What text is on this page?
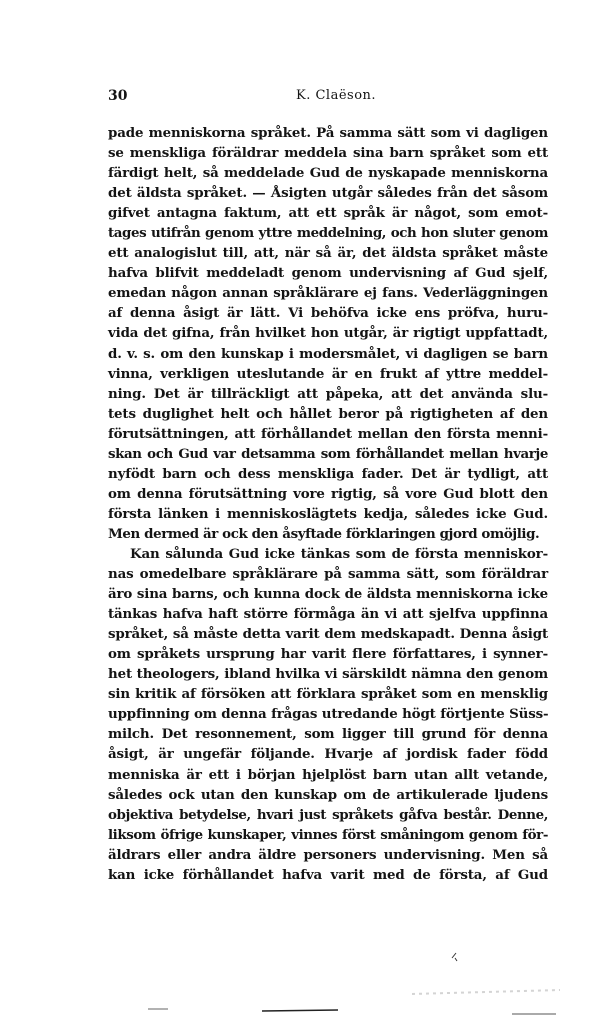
30	K. Claëson.
pade menniskorna språket. På samma sätt som vi dagligen
se menskliga föräldrar meddela sina barn språket som ett
färdigt helt, så meddelade Gud de nyskapade menniskorna
det äldsta språket. — Åsigten utgår således från det såsom
gifvet antagna faktum, att ett språk är något, som emot-
tages utifrån genom yttre meddelning, och hon sluter genom
ett analogislut till, att, när så är, det äldsta språket måste
hafva blifvit meddeladt genom undervisning af Gud sjelf,
emedan någon annan språklärare ej fans. Vederläggningen
af denna åsigt är lätt. Vi behöfva icke ens pröfva, huru-
vida det gifna, från hvilket hon utgår, är rigtigt uppfattadt,
d. v. s. om den kunskap i modersmålet, vi dagligen se barn
vinna, verkligen uteslutande är en frukt af yttre meddel-
ning. Det är tillräckligt att påpeka, att det använda slu-
tets duglighet helt och hållet beror på rigtigheten af den
förutsättningen, att förhållandet mellan den första menni-
skan och Gud var detsamma som förhållandet mellan hvarje
nyfödt barn och dess menskliga fader. Det är tydligt, att
om denna förutsättning vore rigtig, så vore Gud blott den
första länken i menniskoslägtets kedja, således icke Gud.
Men dermed är ock den åsyftade förklaringen gjord omöjlig.
Kan sålunda Gud icke tänkas som de första menniskor-
nas omedelbare språklärare på samma sätt, som föräldrar
äro sina barns, och kunna dock de äldsta menniskorna icke
tänkas hafva haft större förmåga än vi att sjelfva uppfinna
språket, så måste detta varit dem medskapadt. Denna åsigt
om språkets ursprung har varit flere författares, i synner-
het theologers, ibland hvilka vi särskildt nämna den genom
sin kritik af försöken att förklara språket som en mensklig
uppfinning om denna frågas utredande högt förtjente Süss-
milch. Det resonnement, som ligger till grund för denna
åsigt, är ungefär följande. Hvarje af jordisk fader född
menniska är ett i början hjelplöst barn utan allt vetande,
således ock utan den kunskap om de artikulerade ljudens
objektiva betydelse, hvari just språkets gåfva består. Denne,
liksom öfrige kunskaper, vinnes först småningom genom för-
äldrars eller andra äldre personers undervisning. Men så
kan icke förhållandet hafva varit med de första, af Gud
